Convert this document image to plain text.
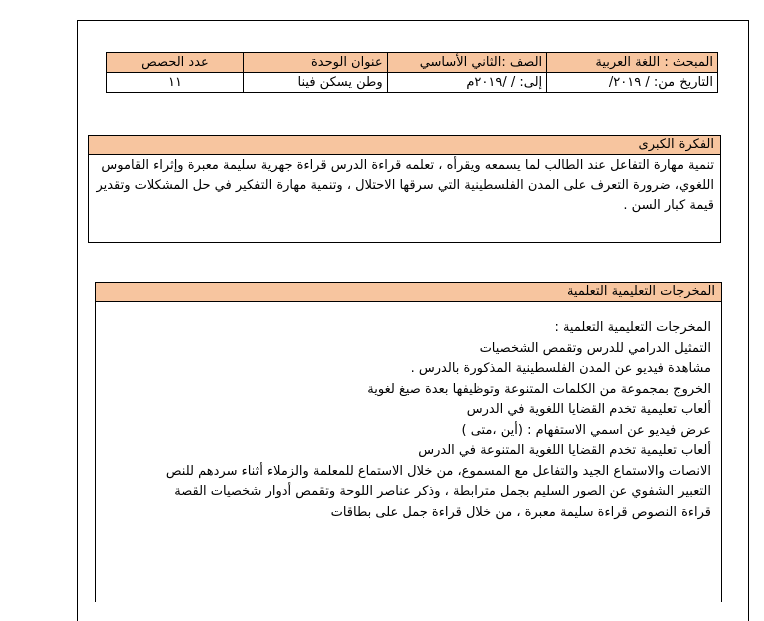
المبحث : اللغة العربية	الصف :الثاني الأساسي	عنوان الوحدة	عدد الحصص
التاريخ من: / ٢٠١٩/	إلى: / /٢٠١٩م	وطن يسكن فينا	١١
الفكرة الكبرى
تنمية مهارة التفاعل عند الطالب لما يسمعه ويقرأه ، تعلمه قراءة الدرس قراءة جهرية سليمة معبرة وإثراء القاموس اللغوي، ضرورة التعرف على المدن الفلسطينية التي سرقها الاحتلال ، وتنمية مهارة التفكير في حل المشكلات وتقدير قيمة كبار السن .
المخرجات التعليمية التعلمية
المخرجات التعليمية التعلمية :
التمثيل الدرامي للدرس وتقمص الشخصيات
مشاهدة فيديو عن المدن الفلسطينية المذكورة بالدرس .
الخروج بمجموعة من الكلمات المتنوعة وتوظيفها بعدة صيغ لغوية
ألعاب تعليمية تخدم القضايا اللغوية في الدرس
عرض فيديو عن اسمي الاستفهام : (أين ،متى )
ألعاب تعليمية تخدم القضايا اللغوية المتنوعة في الدرس
الانصات والاستماع الجيد والتفاعل مع المسموع، من خلال الاستماع للمعلمة والزملاء أثناء سردهم للنص
التعبير الشفوي عن الصور السليم بجمل مترابطة ، وذكر عناصر اللوحة وتقمص أدوار شخصيات القصة
قراءة النصوص قراءة سليمة معبرة ، من خلال قراءة جمل على بطاقات
